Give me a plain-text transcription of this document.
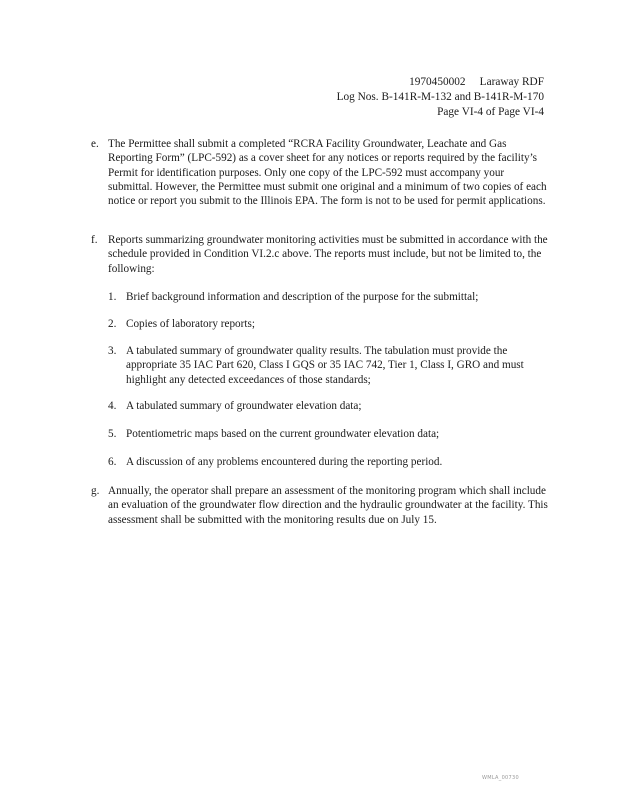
1970450002     Laraway RDF
Log Nos. B-141R-M-132 and B-141R-M-170
Page VI-4 of Page VI-4
e. The Permittee shall submit a completed “RCRA Facility Groundwater, Leachate and Gas Reporting Form” (LPC-592) as a cover sheet for any notices or reports required by the facility’s Permit for identification purposes. Only one copy of the LPC-592 must accompany your submittal. However, the Permittee must submit one original and a minimum of two copies of each notice or report you submit to the Illinois EPA. The form is not to be used for permit applications.
f. Reports summarizing groundwater monitoring activities must be submitted in accordance with the schedule provided in Condition VI.2.c above. The reports must include, but not be limited to, the following:
1. Brief background information and description of the purpose for the submittal;
2. Copies of laboratory reports;
3. A tabulated summary of groundwater quality results. The tabulation must provide the appropriate 35 IAC Part 620, Class I GQS or 35 IAC 742, Tier 1, Class I, GRO and must highlight any detected exceedances of those standards;
4. A tabulated summary of groundwater elevation data;
5. Potentiometric maps based on the current groundwater elevation data;
6. A discussion of any problems encountered during the reporting period.
g. Annually, the operator shall prepare an assessment of the monitoring program which shall include an evaluation of the groundwater flow direction and the hydraulic groundwater at the facility. This assessment shall be submitted with the monitoring results due on July 15.
WMLA_00730
